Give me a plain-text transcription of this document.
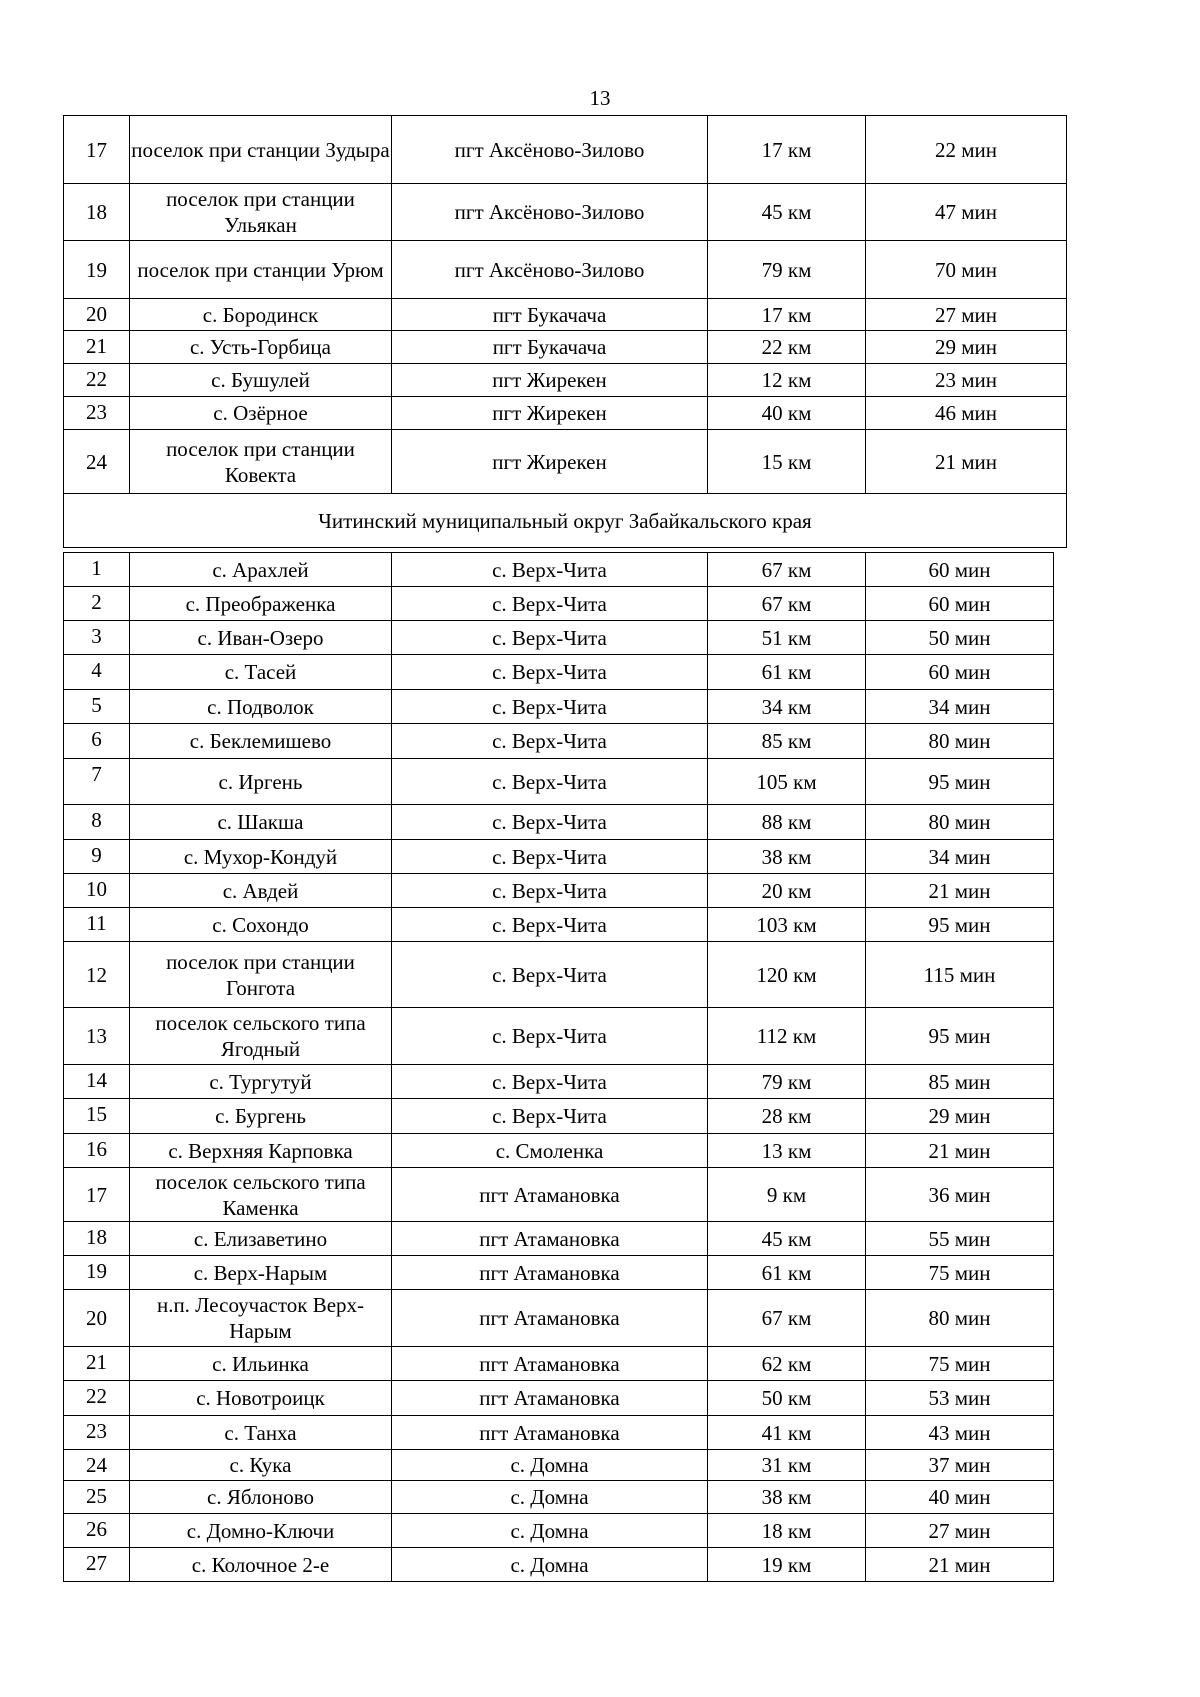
13
17	поселок при станции Зудыра	пгт Аксёново-Зилово	17 км	22 мин
18	поселок при станции Ульякан	пгт Аксёново-Зилово	45 км	47 мин
19	поселок при станции Урюм	пгт Аксёново-Зилово	79 км	70 мин
20	с. Бородинск	пгт Букачача	17 км	27 мин
21	с. Усть-Горбица	пгт Букачача	22 км	29 мин
22	с. Бушулей	пгт Жирекен	12 км	23 мин
23	с. Озёрное	пгт Жирекен	40 км	46 мин
24	поселок при станции Ковекта	пгт Жирекен	15 км	21 мин
Читинский муниципальный округ Забайкальского края				
1	с. Арахлей	с. Верх-Чита	67 км	60 мин
2	с. Преображенка	с. Верх-Чита	67 км	60 мин
3	с. Иван-Озеро	с. Верх-Чита	51 км	50 мин
4	с. Тасей	с. Верх-Чита	61 км	60 мин
5	с. Подволок	с. Верх-Чита	34 км	34 мин
6	с. Беклемишево	с. Верх-Чита	85 км	80 мин
7	с. Иргень	с. Верх-Чита	105 км	95 мин
8	с. Шакша	с. Верх-Чита	88 км	80 мин
9	с. Мухор-Кондуй	с. Верх-Чита	38 км	34 мин
10	с. Авдей	с. Верх-Чита	20 км	21 мин
11	с. Сохондо	с. Верх-Чита	103 км	95 мин
12	поселок при станции Гонгота	с. Верх-Чита	120 км	115 мин
13	поселок сельского типа Ягодный	с. Верх-Чита	112 км	95 мин
14	с. Тургутуй	с. Верх-Чита	79 км	85 мин
15	с. Бургень	с. Верх-Чита	28 км	29 мин
16	с. Верхняя Карповка	с. Смоленка	13 км	21 мин
17	поселок сельского типа Каменка	пгт Атамановка	9 км	36 мин
18	с. Елизаветино	пгт Атамановка	45 км	55 мин
19	с. Верх-Нарым	пгт Атамановка	61 км	75 мин
20	н.п. Лесоучасток Верх-Нарым	пгт Атамановка	67 км	80 мин
21	с. Ильинка	пгт Атамановка	62 км	75 мин
22	с. Новотроицк	пгт Атамановка	50 км	53 мин
23	с. Танха	пгт Атамановка	41 км	43 мин
24	с. Кука	с. Домна	31 км	37 мин
25	с. Яблоново	с. Домна	38 км	40 мин
26	с. Домно-Ключи	с. Домна	18 км	27 мин
27	с. Колочное 2-е	с. Домна	19 км	21 мин
